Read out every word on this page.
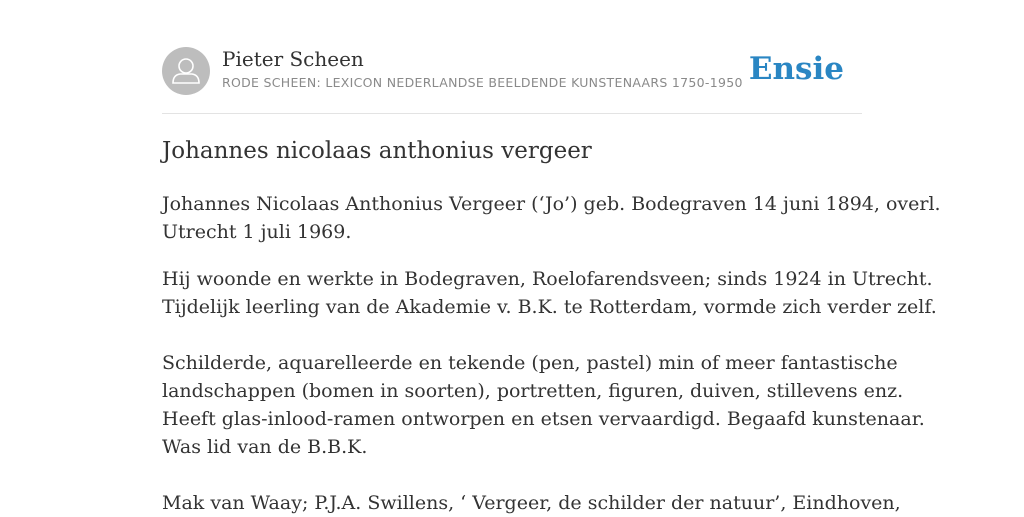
Pieter Scheen
RODE SCHEEN: LEXICON NEDERLANDSE BEELDENDE KUNSTENAARS 1750-1950 Ensie
Johannes nicolaas anthonius vergeer

Johannes Nicolaas Anthonius Vergeer (‘Jo’) geb. Bodegraven 14 juni 1894, overl.

Utrecht 1 juli 1969.

Hij woonde en werkte in Bodegraven, Roelofarendsveen; sinds 1924 in Utrecht.

Tijdelijk leerling van de Akademie v. B.K. te Rotterdam, vormde zich verder zelf.

Schilderde, aquarelleerde en tekende (pen, pastel) min of meer fantastische

landschappen (bomen in soorten), portretten, figuren, duiven, stillevens enz.

Heeft glas-inlood-ramen ontworpen en etsen vervaardigd. Begaafd kunstenaar.

Was lid van de B.B.K.

Mak van Waay; P.J.A. Swillens, ‘ Vergeer, de schilder der natuur’, Eindhoven,
